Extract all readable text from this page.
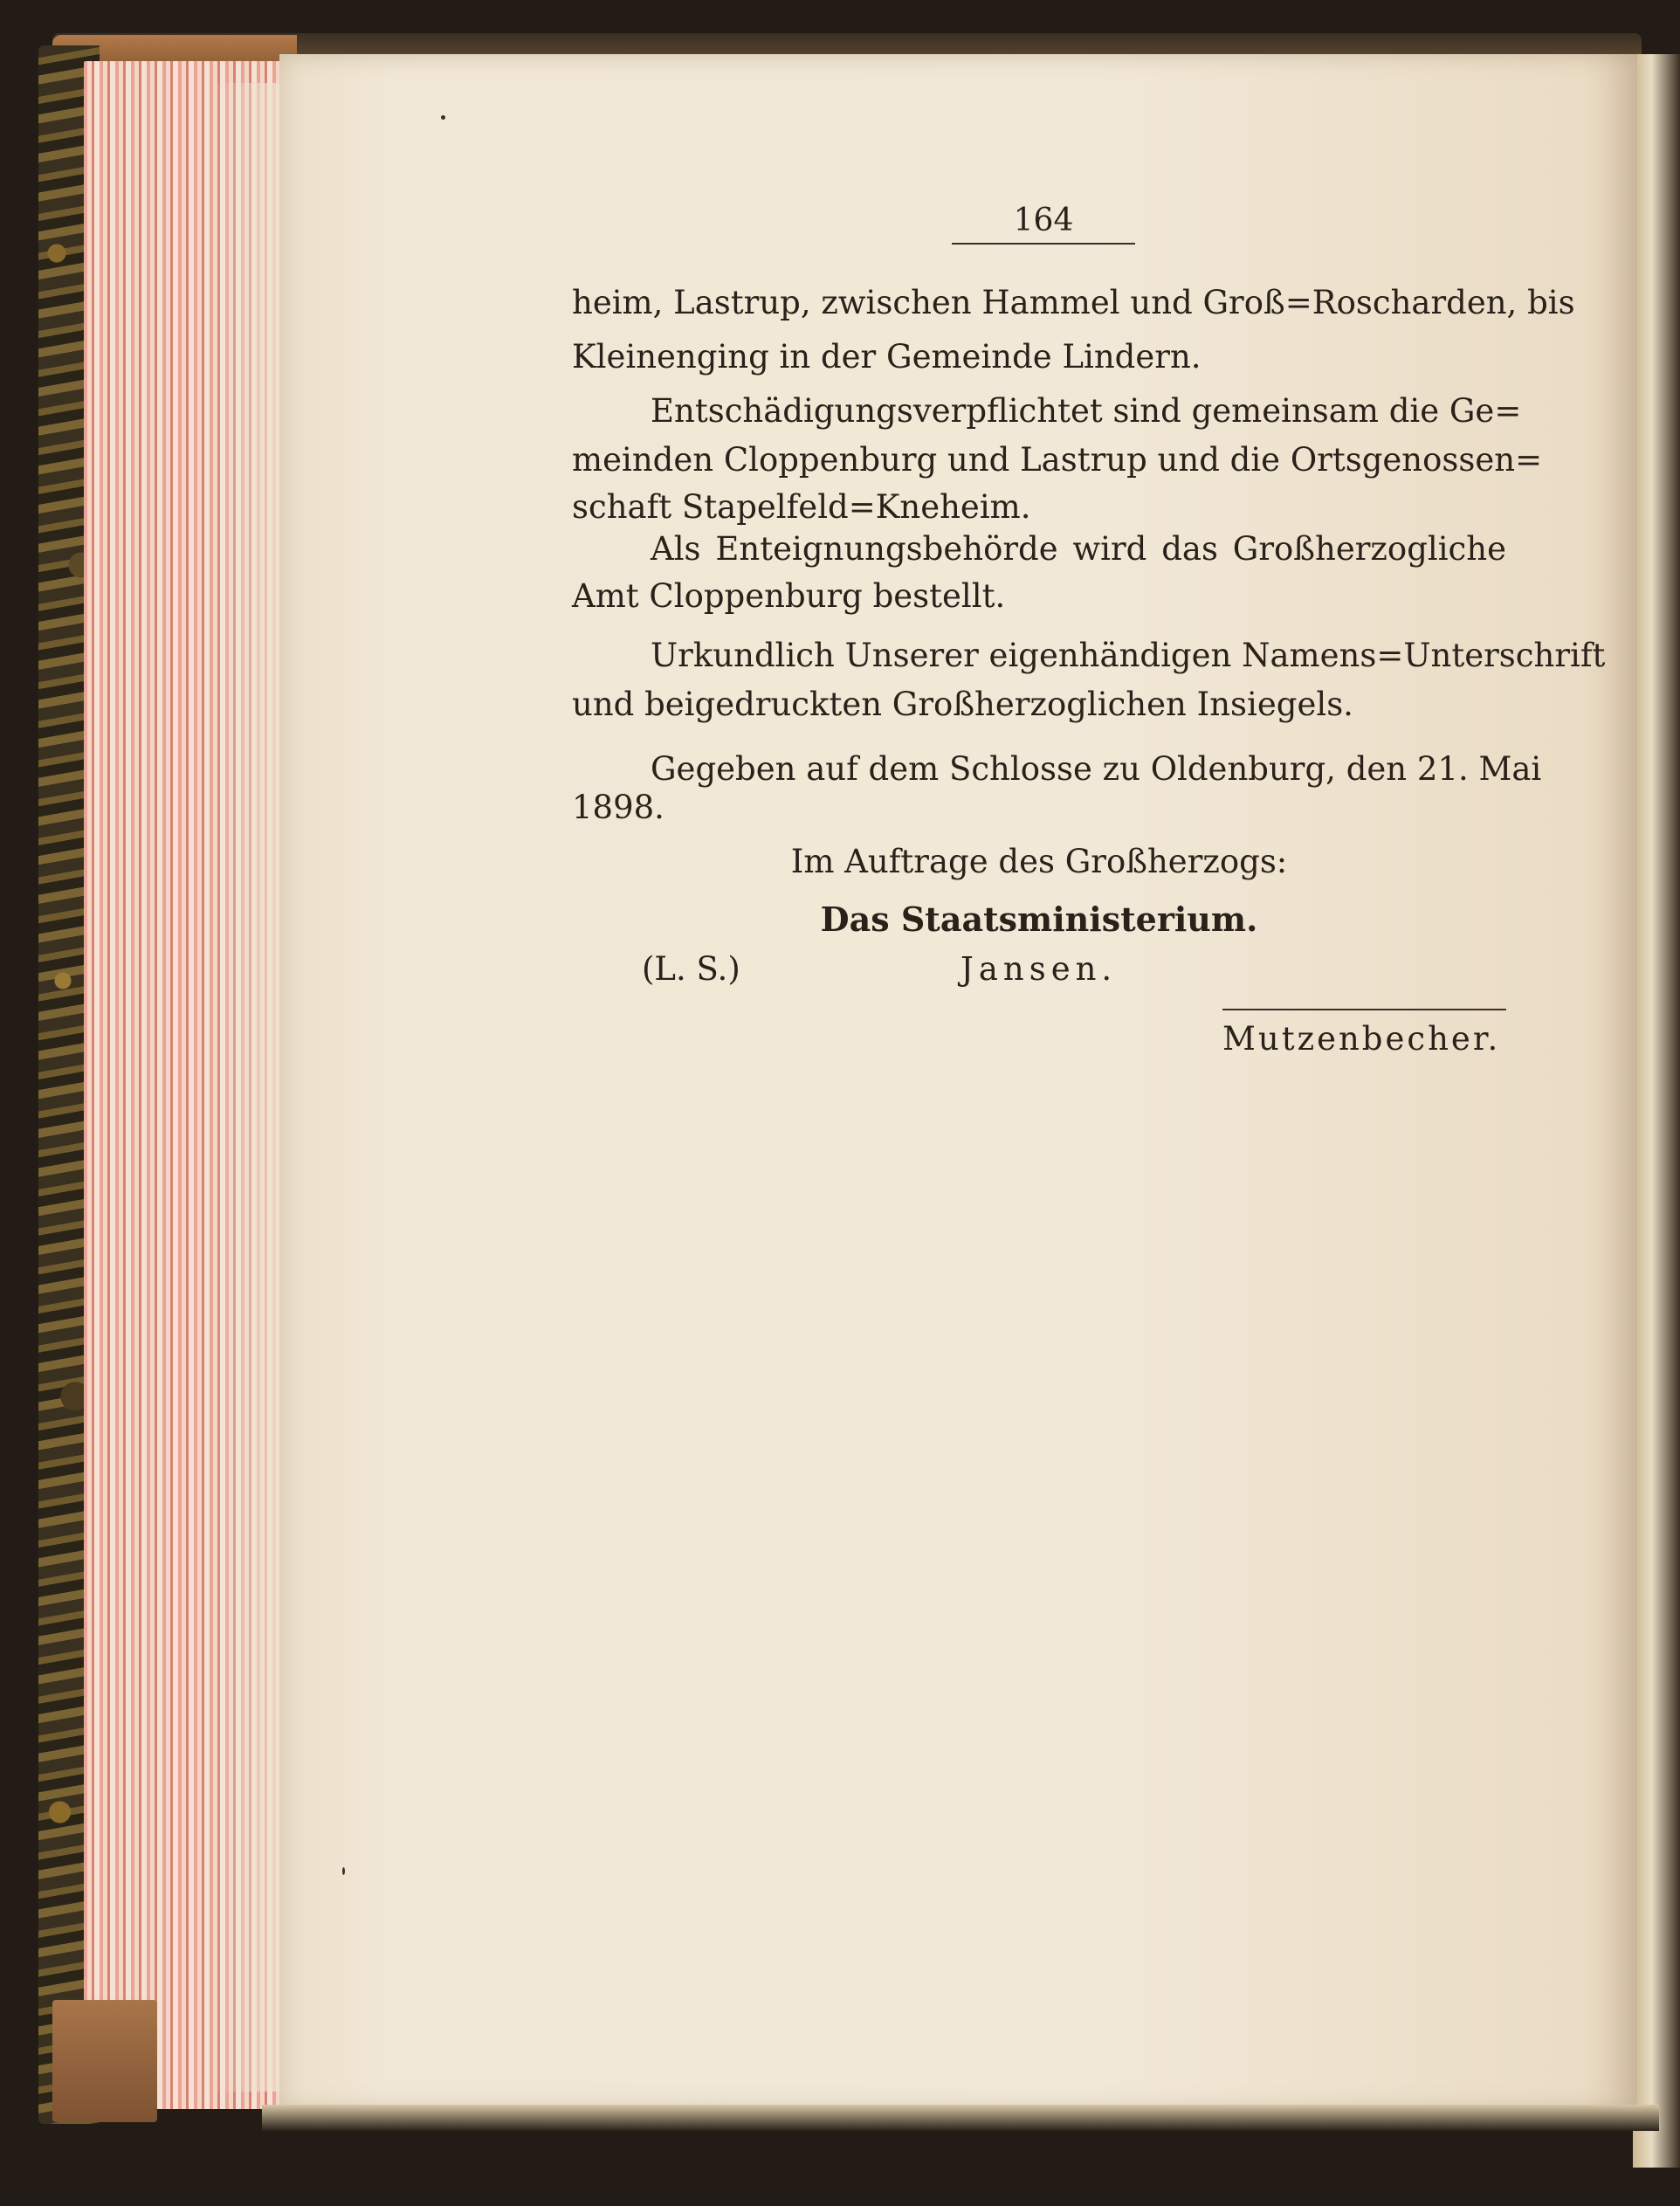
164
heim, Lastrup, zwischen Hammel und Groß=Roscharden, bis
Kleinenging in der Gemeinde Lindern.
Entschädigungsverpflichtet sind gemeinsam die Ge=
meinden Cloppenburg und Lastrup und die Ortsgenossen=
schaft Stapelfeld=Kneheim.
Als Enteignungsbehörde wird das Großherzogliche
Amt Cloppenburg bestellt.
Urkundlich Unserer eigenhändigen Namens=Unterschrift
und beigedruckten Großherzoglichen Insiegels.
Gegeben auf dem Schlosse zu Oldenburg, den 21. Mai
1898.
Im Auftrage des Großherzogs:
Das Staatsministerium.
(L. S.)	Jansen.
Mutzenbecher.
